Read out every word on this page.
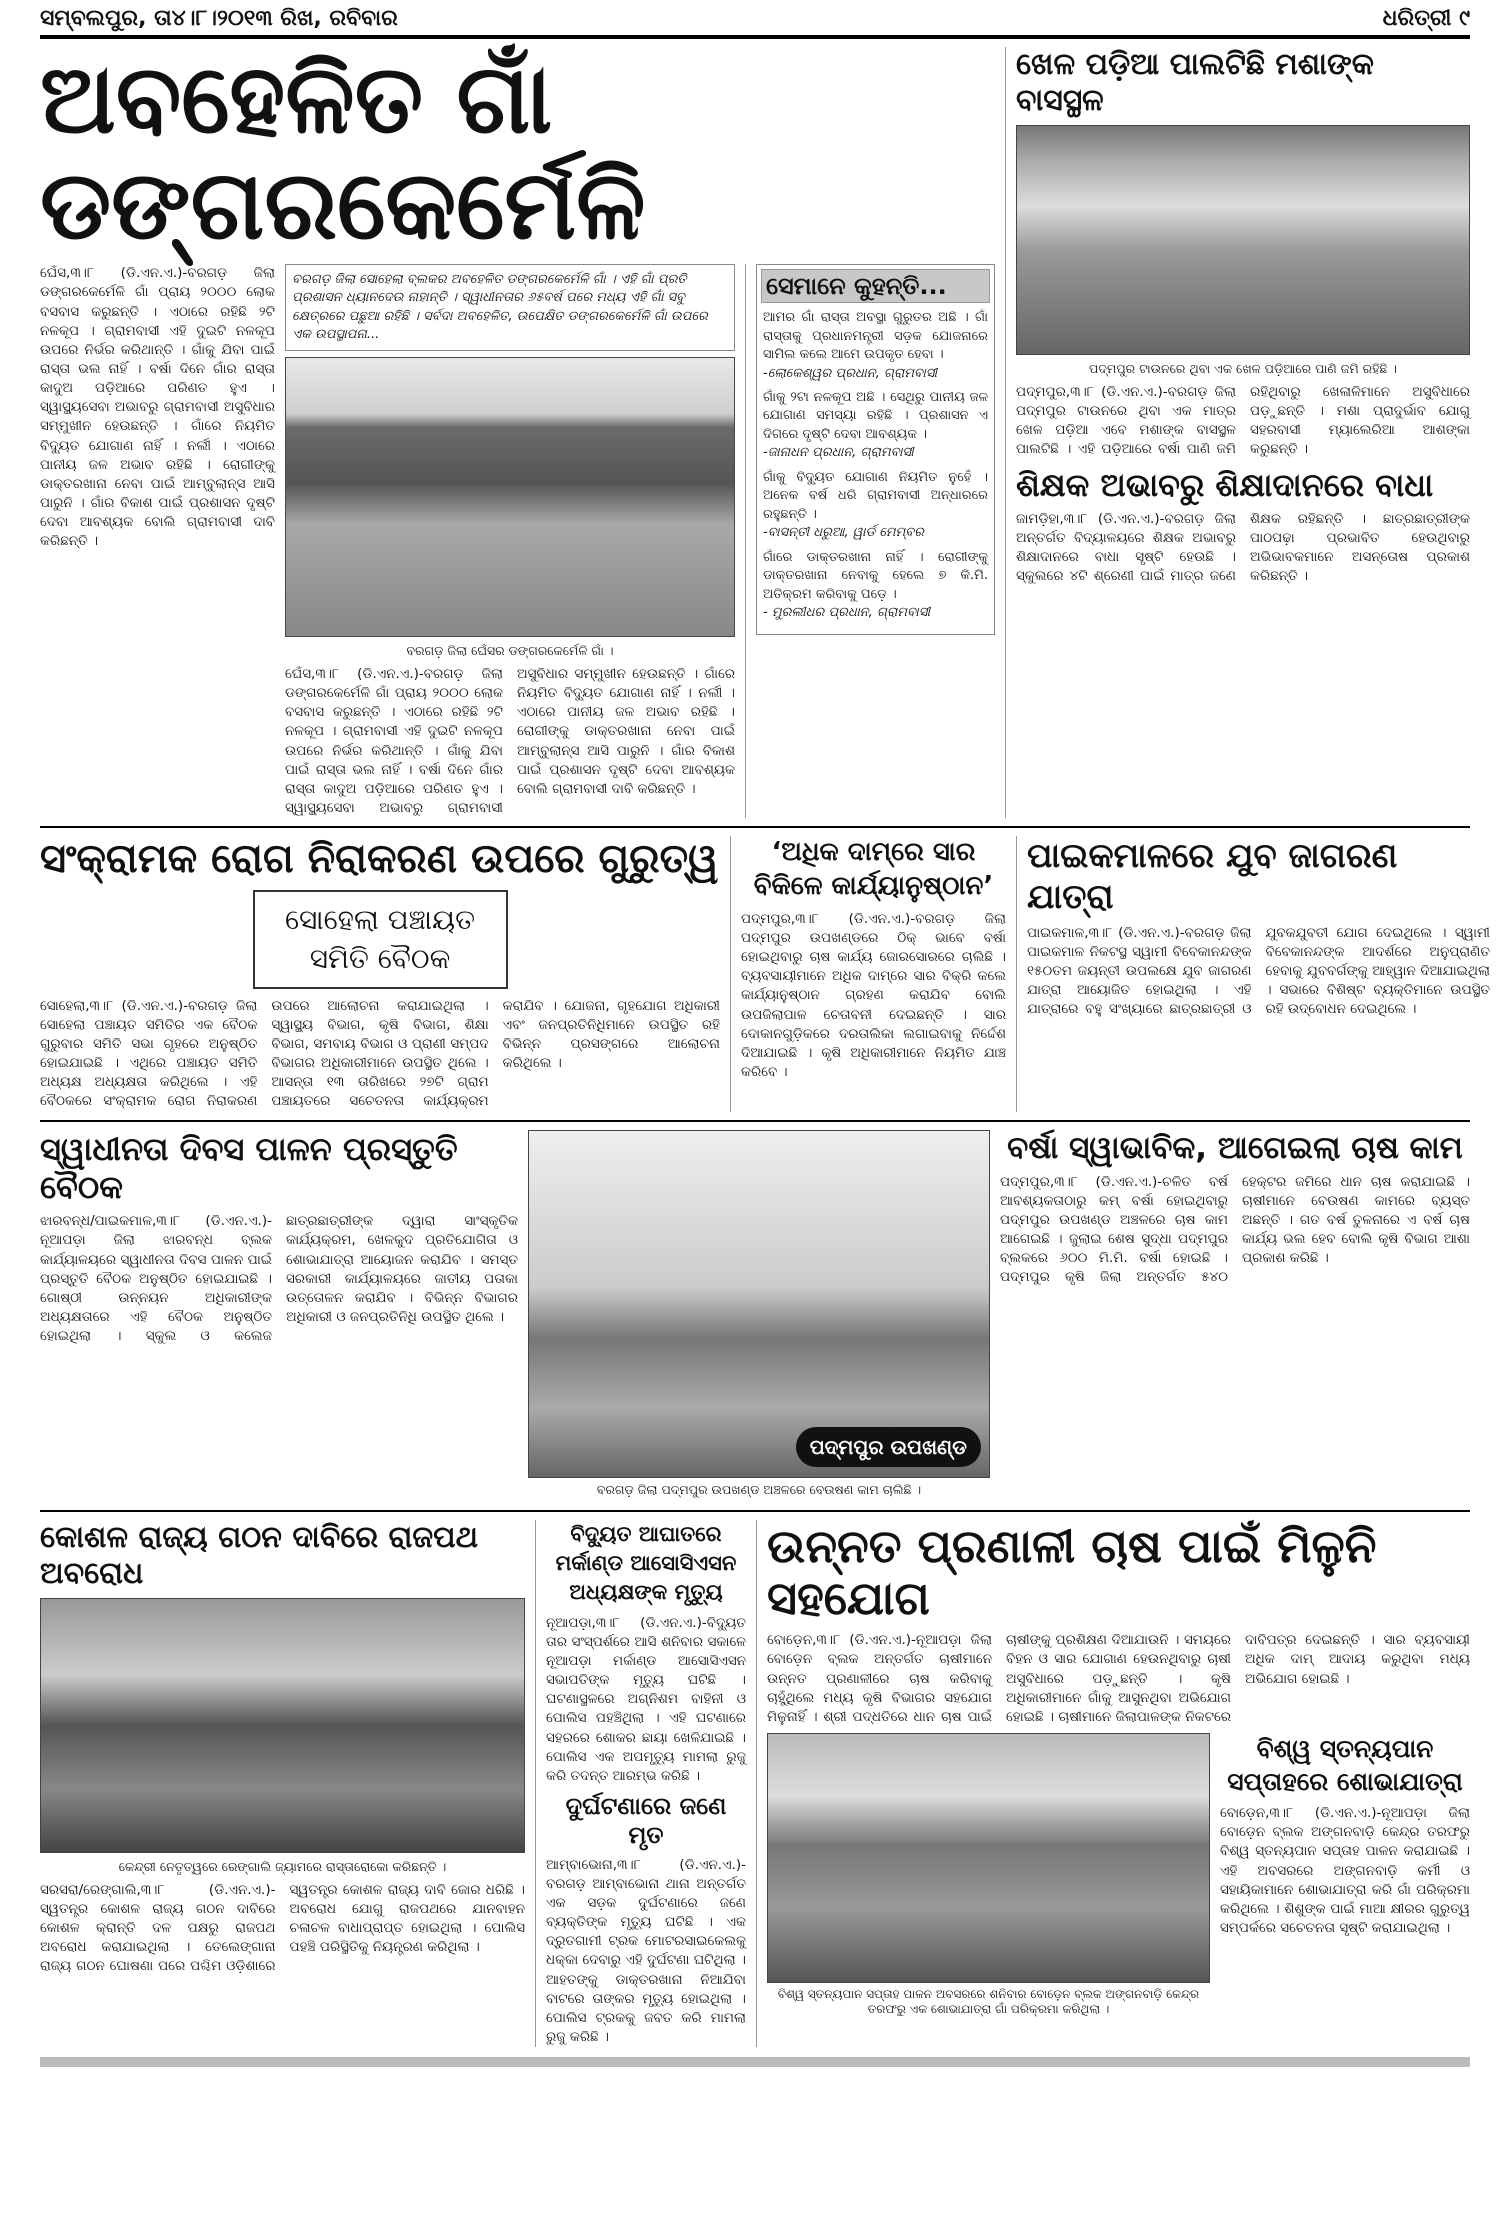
ସମ୍ବଲପୁର, ତା୪।୮।୨୦୧୩ ରିଖ, ରବିବାର	ଧରିତ୍ରୀ ୯
ଅବହେଳିତ ଗାଁ ଡଙ୍ଗରକେର୍ମେଳି
ଘେଁସ,୩।୮ (ଡି.ଏନ.ଏ.)-ବରଗଡ଼ ଜିଲା ଡଙ୍ଗରକେର୍ମେଳି ଗାଁ ପ୍ରାୟ ୨୦୦୦ ଲୋକ ବସବାସ କରୁଛନ୍ତି । ଏଠାରେ ରହିଛି ୨ଟି ନଳକୂପ । ଗ୍ରାମବାସୀ ଏହି ଦୁଇଟି ନଳକୂପ ଉପରେ ନିର୍ଭର କରିଥାନ୍ତି । ଗାଁକୁ ଯିବା ପାଇଁ ରାସ୍ତା ଭଲ ନାହିଁ । ବର୍ଷା ଦିନେ ଗାଁର ରାସ୍ତା କାଦୁଅ ପଡ଼ିଆରେ ପରିଣତ ହୁଏ । ସ୍ୱାସ୍ଥ୍ୟସେବା ଅଭାବରୁ ଗ୍ରାମବାସୀ ଅସୁବିଧାର ସମ୍ମୁଖୀନ ହେଉଛନ୍ତି । ଗାଁରେ ନିୟମିତ ବିଦ୍ୟୁତ ଯୋଗାଣ ନାହିଁ । ନର୍ଲୀ । ଏଠାରେ ପାନୀୟ ଜଳ ଅଭାବ ରହିଛି । ରୋଗୀଙ୍କୁ ଡାକ୍ତରଖାନା ନେବା ପାଇଁ ଆମ୍ବୁଲାନ୍ସ ଆସି ପାରୁନି । ଗାଁର ବିକାଶ ପାଇଁ ପ୍ରଶାସନ ଦୃଷ୍ଟି ଦେବା ଆବଶ୍ୟକ ବୋଲି ଗ୍ରାମବାସୀ ଦାବି କରିଛନ୍ତି ।
ବରଗଡ଼ ଜିଲା ସୋହେଲା ବ୍ଲକର ଅବହେଳିତ ଡଙ୍ଗରକେର୍ମେଳି ଗାଁ । ଏହି ଗାଁ ପ୍ରତି ପ୍ରଶାସନ ଧ୍ୟାନଦେଉ ନାହାନ୍ତି । ସ୍ୱାଧୀନତାର ୬୫ବର୍ଷ ପରେ ମଧ୍ୟ ଏହି ଗାଁ ସବୁ କ୍ଷେତ୍ରରେ ପଛୁଆ ରହିଛି । ସର୍ବଦା ଅବହେଳିତ, ଉପେକ୍ଷିତ ଡଙ୍ଗରକେର୍ମେଳି ଗାଁ ଉପରେ ଏକ ଉପସ୍ଥାପନା...
ବରଗଡ଼ ଜିଲା ଘେଁସର ଡଙ୍ଗରକେର୍ମେଳି ଗାଁ ।
ଘେଁସ,୩।୮ (ଡି.ଏନ.ଏ.)-ବରଗଡ଼ ଜିଲା ଡଙ୍ଗରକେର୍ମେଳି ଗାଁ ପ୍ରାୟ ୨୦୦୦ ଲୋକ ବସବାସ କରୁଛନ୍ତି । ଏଠାରେ ରହିଛି ୨ଟି ନଳକୂପ । ଗ୍ରାମବାସୀ ଏହି ଦୁଇଟି ନଳକୂପ ଉପରେ ନିର୍ଭର କରିଥାନ୍ତି । ଗାଁକୁ ଯିବା ପାଇଁ ରାସ୍ତା ଭଲ ନାହିଁ । ବର୍ଷା ଦିନେ ଗାଁର ରାସ୍ତା କାଦୁଅ ପଡ଼ିଆରେ ପରିଣତ ହୁଏ । ସ୍ୱାସ୍ଥ୍ୟସେବା ଅଭାବରୁ ଗ୍ରାମବାସୀ ଅସୁବିଧାର ସମ୍ମୁଖୀନ ହେଉଛନ୍ତି । ଗାଁରେ ନିୟମିତ ବିଦ୍ୟୁତ ଯୋଗାଣ ନାହିଁ । ନର୍ଲୀ । ଏଠାରେ ପାନୀୟ ଜଳ ଅଭାବ ରହିଛି । ରୋଗୀଙ୍କୁ ଡାକ୍ତରଖାନା ନେବା ପାଇଁ ଆମ୍ବୁଲାନ୍ସ ଆସି ପାରୁନି । ଗାଁର ବିକାଶ ପାଇଁ ପ୍ରଶାସନ ଦୃଷ୍ଟି ଦେବା ଆବଶ୍ୟକ ବୋଲି ଗ୍ରାମବାସୀ ଦାବି କରିଛନ୍ତି ।
ସେମାନେ କୁହନ୍ତି...
ଆମର ଗାଁ ରାସ୍ତା ଅବସ୍ଥା ଗୁରୁତର ଅଛି । ଗାଁ ରାସ୍ତାକୁ ପ୍ରଧାନମନ୍ତ୍ରୀ ସଡ଼କ ଯୋଜନାରେ ସାମିଲ କଲେ ଆମେ ଉପକୃତ ହେବା ।
-ଲୋକେଶ୍ୱର ପ୍ରଧାନ, ଗ୍ରାମବାସୀ
ଗାଁକୁ ୨ଟା ନଳକୂପ ଅଛି । ସେଥିରୁ ପାନୀୟ ଜଳ ଯୋଗାଣ ସମସ୍ୟା ରହିଛି । ପ୍ରଶାସନ ଏ ଦିଗରେ ଦୃଷ୍ଟି ଦେବା ଆବଶ୍ୟକ ।
-ଜାନାଧନ ପ୍ରଧାନ, ଗ୍ରାମବାସୀ
ଗାଁକୁ ବିଦ୍ୟୁତ ଯୋଗାଣ ନିୟମିତ ନୁହେଁ । ଅନେକ ବର୍ଷ ଧରି ଗ୍ରାମବାସୀ ଅନ୍ଧାରରେ ରହୁଛନ୍ତି ।
-ବାସନ୍ତୀ ଧରୁଆ, ୱାର୍ଡ ମେମ୍ବର
ଗାଁରେ ଡାକ୍ତରଖାନା ନାହିଁ । ରୋଗୀଙ୍କୁ ଡାକ୍ତରଖାନା ନେବାକୁ ହେଲେ ୭ କି.ମି. ଅତିକ୍ରମ କରିବାକୁ ପଡ଼େ ।
- ମୁରଲୀଧର ପ୍ରଧାନ, ଗ୍ରାମବାସୀ
ଖେଳ ପଡ଼ିଆ ପାଲଟିଛି ମଶାଙ୍କ ବାସସ୍ଥଳ
ପଦ୍ମପୁର ଟାଉନରେ ଥିବା ଏକ ଖେଳ ପଡ଼ିଆରେ ପାଣି ଜମି ରହିଛି ।
ପଦ୍ମପୁର,୩।୮ (ଡି.ଏନ.ଏ.)-ବରଗଡ଼ ଜିଲା ପଦ୍ମପୁର ଟାଉନରେ ଥିବା ଏକ ମାତ୍ର ଖେଳ ପଡ଼ିଆ ଏବେ ମଶାଙ୍କ ବାସସ୍ଥଳ ପାଲଟିଛି । ଏହି ପଡ଼ିଆରେ ବର୍ଷା ପାଣି ଜମି ରହିଥିବାରୁ ଖେଳାଳିମାନେ ଅସୁବିଧାରେ ପଡ଼ୁଛନ୍ତି । ମଶା ପ୍ରାଦୁର୍ଭାବ ଯୋଗୁ ସହରବାସୀ ମ୍ୟାଲେରିଆ ଆଶଙ୍କା କରୁଛନ୍ତି ।
ଶିକ୍ଷକ ଅଭାବରୁ ଶିକ୍ଷାଦାନରେ ବାଧା
ଜାମଡ଼ିହା,୩।୮ (ଡି.ଏନ.ଏ.)-ବରଗଡ଼ ଜିଲା ଅନ୍ତର୍ଗତ ବିଦ୍ୟାଳୟରେ ଶିକ୍ଷକ ଅଭାବରୁ ଶିକ୍ଷାଦାନରେ ବାଧା ସୃଷ୍ଟି ହେଉଛି । ସ୍କୁଲରେ ୪ଟି ଶ୍ରେଣୀ ପାଇଁ ମାତ୍ର ଜଣେ ଶିକ୍ଷକ ରହିଛନ୍ତି । ଛାତ୍ରଛାତ୍ରୀଙ୍କ ପାଠପଢ଼ା ପ୍ରଭାବିତ ହେଉଥିବାରୁ ଅଭିଭାବକମାନେ ଅସନ୍ତୋଷ ପ୍ରକାଶ କରିଛନ୍ତି ।
ସଂକ୍ରାମକ ରୋଗ ନିରାକରଣ ଉପରେ ଗୁରୁତ୍ୱ
ସୋହେଲା ପଞ୍ଚାୟତ ସମିତି ବୈଠକ
ସୋହେଲା,୩।୮ (ଡି.ଏନ.ଏ.)-ବରଗଡ଼ ଜିଲା ସୋହେଲା ପଞ୍ଚାୟତ ସମିତିର ଏକ ବୈଠକ ଗୁରୁବାର ସମିତି ସଭା ଗୃହରେ ଅନୁଷ୍ଠିତ ହୋଇଯାଇଛି । ଏଥିରେ ପଞ୍ଚାୟତ ସମିତି ଅଧ୍ୟକ୍ଷ ଅଧ୍ୟକ୍ଷତା କରିଥିଲେ । ଏହି ବୈଠକରେ ସଂକ୍ରାମକ ରୋଗ ନିରାକରଣ ଉପରେ ଆଲୋଚନା କରାଯାଇଥିଲା । ସ୍ୱାସ୍ଥ୍ୟ ବିଭାଗ, କୃଷି ବିଭାଗ, ଶିକ୍ଷା ବିଭାଗ, ସମବାୟ ବିଭାଗ ଓ ପ୍ରାଣୀ ସମ୍ପଦ ବିଭାଗର ଅଧିକାରୀମାନେ ଉପସ୍ଥିତ ଥିଲେ । ଆସନ୍ତା ୧୩ ତାରିଖରେ ୨୭ଟି ଗ୍ରାମ ପଞ୍ଚାୟତରେ ସଚେତନତା କାର୍ଯ୍ୟକ୍ରମ କରାଯିବ । ଯୋଜନା, ଗୃହଯୋଗ ଅଧିକାରୀ ଏବଂ ଜନପ୍ରତିନିଧିମାନେ ଉପସ୍ଥିତ ରହି ବିଭିନ୍ନ ପ୍ରସଙ୍ଗରେ ଆଲୋଚନା କରିଥିଲେ ।
‘ଅଧିକ ଦାମ୍‌ରେ ସାର ବିକିଳେ କାର୍ଯ୍ୟାନୁଷ୍ଠାନ’
ପଦ୍ମପୁର,୩।୮ (ଡି.ଏନ.ଏ.)-ବରଗଡ଼ ଜିଲା ପଦ୍ମପୁର ଉପଖଣ୍ଡରେ ଠିକ୍ ଭାବେ ବର୍ଷା ହୋଇଥିବାରୁ ଚାଷ କାର୍ଯ୍ୟ ଜୋରସୋରରେ ଚାଲିଛି । ବ୍ୟବସାୟୀମାନେ ଅଧିକ ଦାମ୍‌ରେ ସାର ବିକ୍ରି କଲେ କାର୍ଯ୍ୟାନୁଷ୍ଠାନ ଗ୍ରହଣ କରାଯିବ ବୋଲି ଉପଜିଲାପାଳ ଚେତାବନୀ ଦେଇଛନ୍ତି । ସାର ଦୋକାନଗୁଡ଼ିକରେ ଦରତାଲିକା ଲଗାଇବାକୁ ନିର୍ଦ୍ଦେଶ ଦିଆଯାଇଛି । କୃଷି ଅଧିକାରୀମାନେ ନିୟମିତ ଯାଞ୍ଚ କରିବେ ।
ପାଇକମାଳରେ ଯୁବ ଜାଗରଣ ଯାତ୍ରା
ପାଇକମାଳ,୩।୮ (ଡି.ଏନ.ଏ.)-ବରଗଡ଼ ଜିଲା ପାଇକମାଳ ନିକଟସ୍ଥ ସ୍ୱାମୀ ବିବେକାନନ୍ଦଙ୍କ ୧୫୦ତମ ଜୟନ୍ତୀ ଉପଲକ୍ଷେ ଯୁବ ଜାଗରଣ ଯାତ୍ରା ଆୟୋଜିତ ହୋଇଥିଲା । ଏହି ଯାତ୍ରାରେ ବହୁ ସଂଖ୍ୟାରେ ଛାତ୍ରଛାତ୍ରୀ ଓ ଯୁବକଯୁବତୀ ଯୋଗ ଦେଇଥିଲେ । ସ୍ୱାମୀ ବିବେକାନନ୍ଦଙ୍କ ଆଦର୍ଶରେ ଅନୁପ୍ରାଣିତ ହେବାକୁ ଯୁବବର୍ଗଙ୍କୁ ଆହ୍ୱାନ ଦିଆଯାଇଥିଲା । ସଭାରେ ବିଶିଷ୍ଟ ବ୍ୟକ୍ତିମାନେ ଉପସ୍ଥିତ ରହି ଉଦ୍‌ବୋଧନ ଦେଇଥିଲେ ।
ସ୍ୱାଧୀନତା ଦିବସ ପାଳନ ପ୍ରସ୍ତୁତି ବୈଠକ
ଝାରବନ୍ଧ/ପାଇକମାଳ,୩।୮ (ଡି.ଏନ.ଏ.)-ନୂଆପଡ଼ା ଜିଲା ଝାରବନ୍ଧ ବ୍ଲକ କାର୍ଯ୍ୟାଳୟରେ ସ୍ୱାଧୀନତା ଦିବସ ପାଳନ ପାଇଁ ପ୍ରସ୍ତୁତି ବୈଠକ ଅନୁଷ୍ଠିତ ହୋଇଯାଇଛି । ଗୋଷ୍ଠୀ ଉନ୍ନୟନ ଅଧିକାରୀଙ୍କ ଅଧ୍ୟକ୍ଷତାରେ ଏହି ବୈଠକ ଅନୁଷ୍ଠିତ ହୋଇଥିଲା । ସ୍କୁଲ ଓ କଲେଜ ଛାତ୍ରଛାତ୍ରୀଙ୍କ ଦ୍ୱାରା ସାଂସ୍କୃତିକ କାର୍ଯ୍ୟକ୍ରମ, ଖେଳକୁଦ ପ୍ରତିଯୋଗିତା ଓ ଶୋଭାଯାତ୍ରା ଆୟୋଜନ କରାଯିବ । ସମସ୍ତ ସରକାରୀ କାର୍ଯ୍ୟାଳୟରେ ଜାତୀୟ ପତାକା ଉତ୍ତୋଳନ କରାଯିବ । ବିଭିନ୍ନ ବିଭାଗର ଅଧିକାରୀ ଓ ଜନପ୍ରତିନିଧି ଉପସ୍ଥିତ ଥିଲେ ।
ପଦ୍ମପୁର ଉପଖଣ୍ଡ
ବରଗଡ଼ ଜିଲା ପଦ୍ମପୁର ଉପଖଣ୍ଡ ଅଞ୍ଚଳରେ ବେଉଷଣ କାମ ଚାଲିଛି ।
ବର୍ଷା ସ୍ୱାଭାବିକ, ଆଗେଇଲା ଚାଷ କାମ
ପଦ୍ମପୁର,୩।୮ (ଡି.ଏନ.ଏ.)-ଚଳିତ ବର୍ଷ ଆବଶ୍ୟକତାଠାରୁ କମ୍ ବର୍ଷା ହୋଇଥିବାରୁ ପଦ୍ମପୁର ଉପଖଣ୍ଡ ଅଞ୍ଚଳରେ ଚାଷ କାମ ଆଗେଇଛି । ଜୁଲାଇ ଶେଷ ସୁଦ୍ଧା ପଦ୍ମପୁର ବ୍ଲକରେ ୬୦୦ ମି.ମି. ବର୍ଷା ହୋଇଛି । ପଦ୍ମପୁର କୃଷି ଜିଲା ଅନ୍ତର୍ଗତ ୫୪୦ ହେକ୍ଟର ଜମିରେ ଧାନ ଚାଷ କରାଯାଇଛି । ଚାଷୀମାନେ ବେଉଷଣ କାମରେ ବ୍ୟସ୍ତ ଅଛନ୍ତି । ଗତ ବର୍ଷ ତୁଳନାରେ ଏ ବର୍ଷ ଚାଷ କାର୍ଯ୍ୟ ଭଲ ହେବ ବୋଲି କୃଷି ବିଭାଗ ଆଶା ପ୍ରକାଶ କରିଛି ।
କୋଶଳ ରାଜ୍ୟ ଗଠନ ଦାବିରେ ରାଜପଥ ଅବରୋଧ
କେନ୍ଦ୍ରୀ ନେତୃତ୍ୱରେ ରେଙ୍ଗାଲି ଜ୍ୟାମରେ ରାସ୍ତାରୋକୋ କରିଛନ୍ତି ।
ସରସରା/ରେଙ୍ଗାଲି,୩।୮ (ଡି.ଏନ.ଏ.)-ସ୍ୱତନ୍ତ୍ର କୋଶଳ ରାଜ୍ୟ ଗଠନ ଦାବିରେ କୋଶଳ କ୍ରାନ୍ତି ଦଳ ପକ୍ଷରୁ ରାଜପଥ ଅବରୋଧ କରାଯାଇଥିଲା । ତେଲେଙ୍ଗାନା ରାଜ୍ୟ ଗଠନ ଘୋଷଣା ପରେ ପଶ୍ଚିମ ଓଡ଼ିଶାରେ ସ୍ୱତନ୍ତ୍ର କୋଶଳ ରାଜ୍ୟ ଦାବି ଜୋର ଧରିଛି । ଅବରୋଧ ଯୋଗୁ ରାଜପଥରେ ଯାନବାହନ ଚଳାଚଳ ବାଧାପ୍ରାପ୍ତ ହୋଇଥିଲା । ପୋଲିସ ପହଞ୍ଚି ପରିସ୍ଥିତିକୁ ନିୟନ୍ତ୍ରଣ କରିଥିଲା ।
ବିଦ୍ୟୁତ ଆଘାତରେ ମର୍କାଣ୍ଡ ଆସୋସିଏସନ ଅଧ୍ୟକ୍ଷଙ୍କ ମୃତ୍ୟୁ
ନୂଆପଡ଼ା,୩।୮ (ଡି.ଏନ.ଏ.)-ବିଦ୍ୟୁତ ତାର ସଂସ୍ପର୍ଶରେ ଆସି ଶନିବାର ସକାଳେ ନୂଆପଡ଼ା ମର୍କାଣ୍ଡ ଆସୋସିଏସନ ସଭାପତିଙ୍କ ମୃତ୍ୟୁ ଘଟିଛି । ଘଟଣାସ୍ଥଳରେ ଅଗ୍ନିଶମ ବାହିନୀ ଓ ପୋଲିସ ପହଞ୍ଚିଥିଲା । ଏହି ଘଟଣାରେ ସହରରେ ଶୋକର ଛାୟା ଖେଳିଯାଇଛି । ପୋଲିସ ଏକ ଅପମୃତ୍ୟୁ ମାମଲା ରୁଜୁ କରି ତଦନ୍ତ ଆରମ୍ଭ କରିଛି ।
ଦୁର୍ଘଟଣାରେ ଜଣେ ମୃତ
ଆମ୍ବାଭୋନା,୩।୮ (ଡି.ଏନ.ଏ.)-ବରଗଡ଼ ଆମ୍ବାଭୋନା ଥାନା ଅନ୍ତର୍ଗତ ଏକ ସଡ଼କ ଦୁର୍ଘଟଣାରେ ଜଣେ ବ୍ୟକ୍ତିଙ୍କ ମୃତ୍ୟୁ ଘଟିଛି । ଏକ ଦ୍ରୁତଗାମୀ ଟ୍ରକ ମୋଟରସାଇକେଲକୁ ଧକ୍କା ଦେବାରୁ ଏହି ଦୁର୍ଘଟଣା ଘଟିଥିଲା । ଆହତଙ୍କୁ ଡାକ୍ତରଖାନା ନିଆଯିବା ବାଟରେ ତାଙ୍କର ମୃତ୍ୟୁ ହୋଇଥିଲା । ପୋଲିସ ଟ୍ରକକୁ ଜବତ କରି ମାମଲା ରୁଜୁ କରିଛି ।
ଉନ୍ନତ ପ୍ରଣାଳୀ ଚାଷ ପାଇଁ ମିଳୁନି ସହଯୋଗ
ବୋଡ଼େନ,୩।୮ (ଡି.ଏନ.ଏ.)-ନୂଆପଡ଼ା ଜିଲା ବୋଡ଼େନ ବ୍ଲକ ଅନ୍ତର୍ଗତ ଚାଷୀମାନେ ଉନ୍ନତ ପ୍ରଣାଳୀରେ ଚାଷ କରିବାକୁ ଚାହୁଁଥିଲେ ମଧ୍ୟ କୃଷି ବିଭାଗର ସହଯୋଗ ମିଳୁନାହିଁ । ଶ୍ରୀ ପଦ୍ଧତିରେ ଧାନ ଚାଷ ପାଇଁ ଚାଷୀଙ୍କୁ ପ୍ରଶିକ୍ଷଣ ଦିଆଯାଉନି । ସମୟରେ ବିହନ ଓ ସାର ଯୋଗାଣ ହେଉନଥିବାରୁ ଚାଷୀ ଅସୁବିଧାରେ ପଡ଼ୁଛନ୍ତି । କୃଷି ଅଧିକାରୀମାନେ ଗାଁକୁ ଆସୁନଥିବା ଅଭିଯୋଗ ହୋଇଛି । ଚାଷୀମାନେ ଜିଲାପାଳଙ୍କ ନିକଟରେ ଦାବିପତ୍ର ଦେଇଛନ୍ତି । ସାର ବ୍ୟବସାୟୀ ଅଧିକ ଦାମ୍ ଆଦାୟ କରୁଥିବା ମଧ୍ୟ ଅଭିଯୋଗ ହୋଇଛି ।
ବିଶ୍ୱ ସ୍ତନ୍ୟପାନ ସପ୍ତାହ ପାଳନ ଅବସରରେ ଶନିବାର ବୋଡ଼େନ ବ୍ଲକ ଅଙ୍ଗନବାଡ଼ି କେନ୍ଦ୍ର ତରଫରୁ ଏକ ଶୋଭାଯାତ୍ରା ଗାଁ ପରିକ୍ରମା କରିଥିଲା ।
ବିଶ୍ୱ ସ୍ତନ୍ୟପାନ ସପ୍ତାହରେ ଶୋଭାଯାତ୍ରା
ବୋଡ଼େନ,୩।୮ (ଡି.ଏନ.ଏ.)-ନୂଆପଡ଼ା ଜିଲା ବୋଡ଼େନ ବ୍ଲକ ଅଙ୍ଗନବାଡ଼ି କେନ୍ଦ୍ର ତରଫରୁ ବିଶ୍ୱ ସ୍ତନ୍ୟପାନ ସପ୍ତାହ ପାଳନ କରାଯାଇଛି । ଏହି ଅବସରରେ ଅଙ୍ଗନବାଡ଼ି କର୍ମୀ ଓ ସହାୟିକାମାନେ ଶୋଭାଯାତ୍ରା କରି ଗାଁ ପରିକ୍ରମା କରିଥିଲେ । ଶିଶୁଙ୍କ ପାଇଁ ମାଆ କ୍ଷୀରର ଗୁରୁତ୍ୱ ସମ୍ପର୍କରେ ସଚେତନତା ସୃଷ୍ଟି କରାଯାଇଥିଲା ।
